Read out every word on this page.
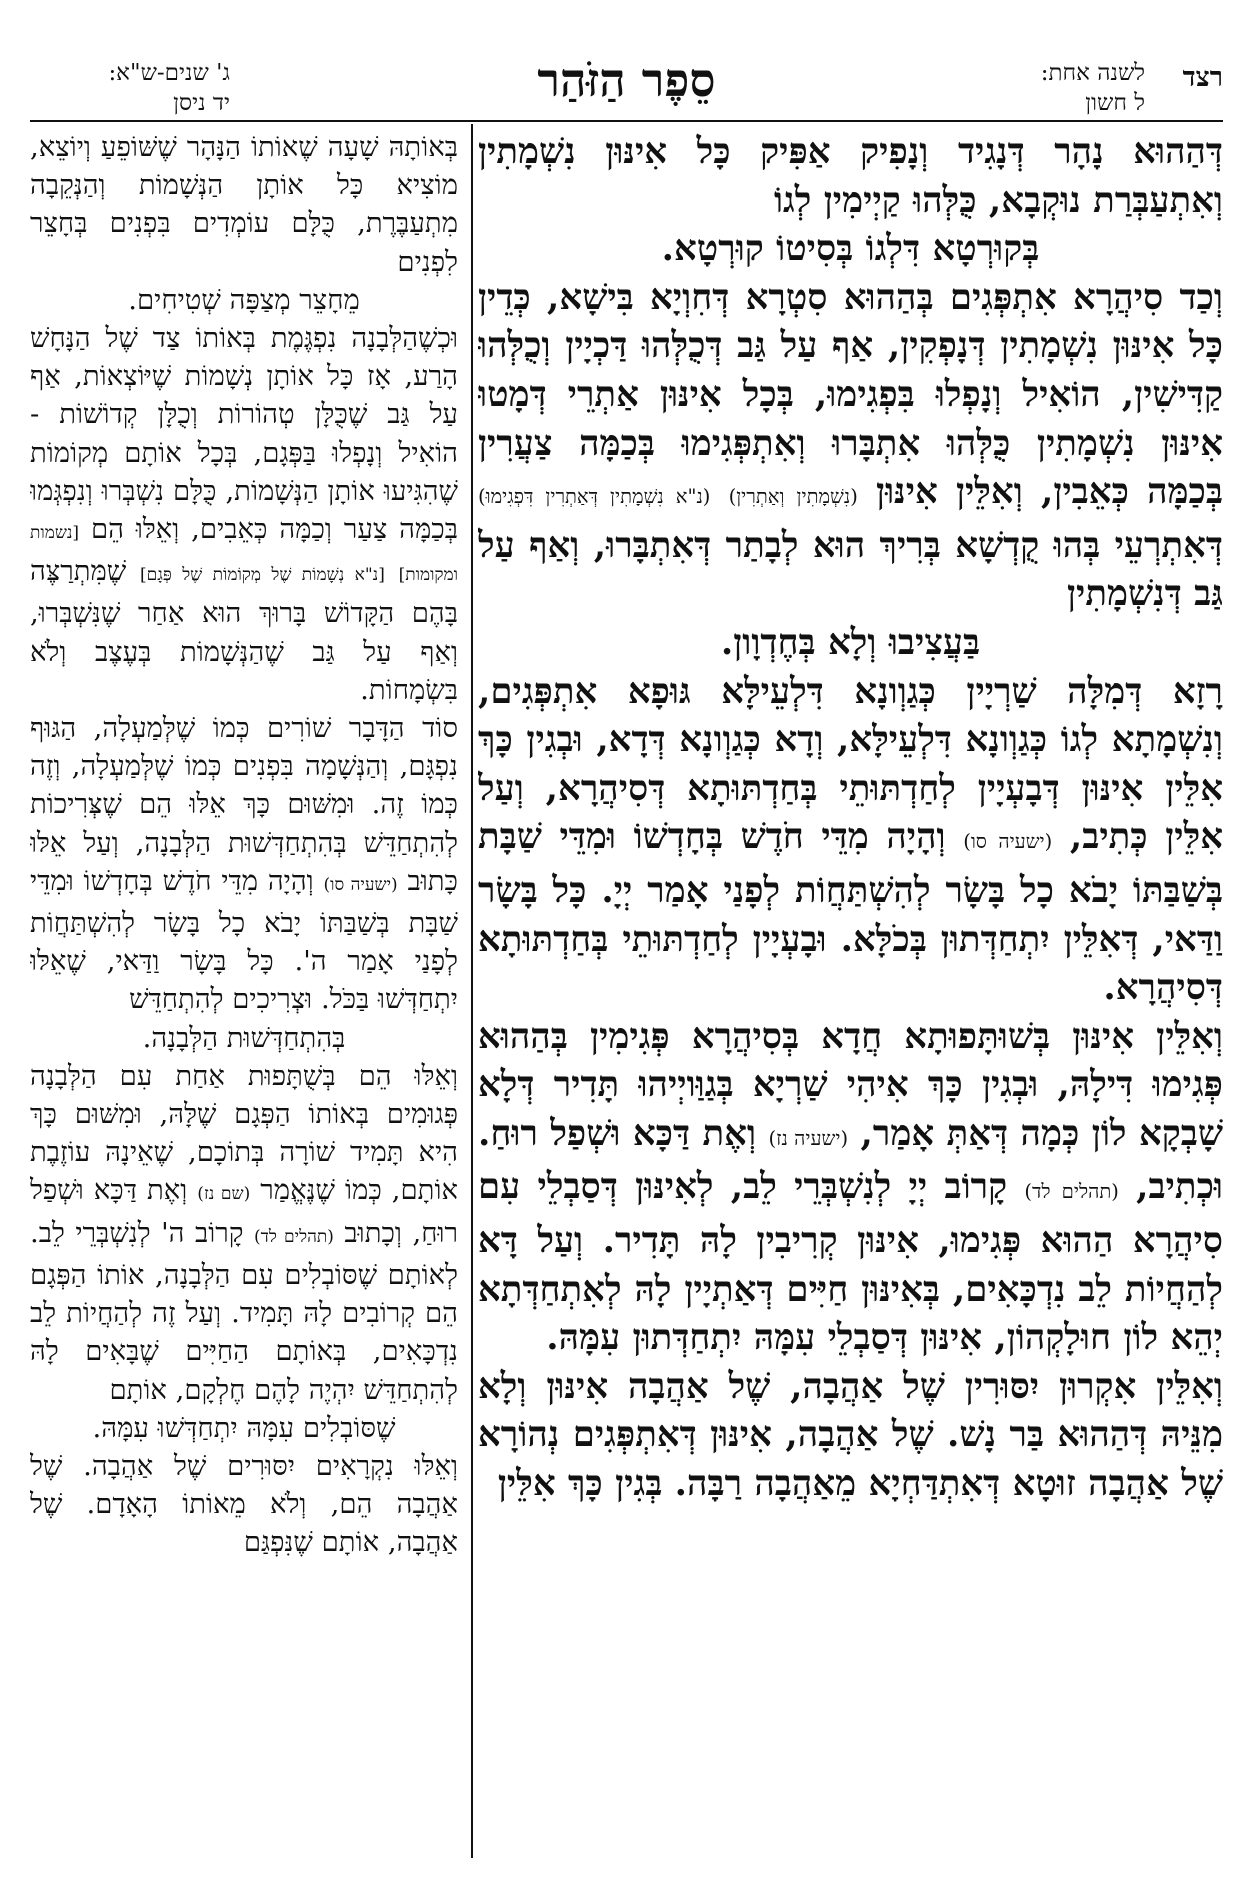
רצד
לשנה אחת:
ל חשון
סֵפֶר הַזֹּהַר
ג' שנים-ש"א:
יד ניסן

דְּהַהוּא נָהָר דְּנָגִיד וְנָפִיק אַפִּיק כָּל אִינּוּן נִשְׁמָתִין וְאִתְעַבְּרַת נוּקְבָא, כֻּלְּהוּ קַיְימִין לְגוֹ

בְּקוּרְטָא דִּלְגוֹ בְּסִיטוֹ קוּרְטָא.

וְכַד סִיהֲרָא אִתְפְּגִים בְּהַהוּא סִטְרָא דְּחִוְיָא בִּישָׁא, כְּדֵין כָּל אִינּוּן נִשְׁמָתִין דְּנָפְקִין, אַף עַל גַּב דְּכֻלְּהוּ דַּכְיָין וְכֻלְּהוּ קַדִּישִׁין, הוֹאִיל וְנָפְלוּ בִּפְגִימוּ, בְּכָל אִינּוּן אַתְרֵי דְּמָטוּ אִינּוּן נִשְׁמָתִין כֻּלְּהוּ אִתְבָּרוּ וְאִתְפְּגִימוּ בְּכַמָּה צַעֲרִין בְּכַמָּה כְּאֵבִין, וְאִלֵּין אִינּוּן (נִשְׁמָתִין וְאַתְרִין) (נ"א נִשְׁמָתִין דְּאַתְרִין דִּפְגִימוּ) דְּאִתְרְעֵי בְּהוּ קֻדְשָׁא בְּרִיךְ הוּא לְבָתַר דְּאִתְבָּרוּ, וְאַף עַל גַּב דְּנִשְׁמָתִין

בַּעֲצִיבוּ וְלָא בְּחֶדְוָון.

רָזָא דְּמִלָּה שַׁרְיָין כְּגַוְונָא דִּלְעֵילָּא גּוּפָא אִתְפְּגִים, וְנִשְׁמָתָא לְגוֹ כְּגַוְונָא דִּלְעֵילָּא, וְדָא כְּגַוְונָא דְּדָא, וּבְגִין כָּךְ אִלֵּין אִינּוּן דְּבָעְיָין לְחַדְתּוּתֵי בְּחַדְתּוּתָא דְּסִיהֲרָא, וְעַל אִלֵּין כְּתִיב, (ישעיה סו) וְהָיָה מִדֵּי חֹדֶשׁ בְּחָדְשׁוֹ וּמִדֵּי שַׁבָּת בְּשַׁבַּתּוֹ יָבֹא כָל בָּשָׂר לְהִשְׁתַּחֲוֹת לְפָנַי אָמַר יְיָ. כָּל בָּשָׂר וַדַּאי, דְּאִלֵּין יִתְחַדְּתוּן בְּכֹלָּא. וּבָעְיָין לְחַדְתּוּתֵי בְּחַדְתּוּתָא דְּסִיהֲרָא.

וְאִלֵּין אִינּוּן בְּשׁוּתָּפוּתָא חֲדָא בְּסִיהֲרָא פְּגִימִין בְּהַהוּא פְּגִימוּ דִּילָהּ, וּבְגִין כָּךְ אִיהִי שַׁרְיָא בְּגַוַּויְיהוּ תָּדִיר דְּלָא שָׁבְקָא לוֹן כְּמָה דְּאַתְּ אָמַר, (ישעיה נז) וְאֶת דַּכָּא וּשְׁפַל רוּחַ. וּכְתִיב, (תהלים לד) קָרוֹב יְיָ לְנִשְׁבְּרֵי לֵב, לְאִינּוּן דְּסַבְלֵי עִם סִיהֲרָא הַהוּא פְּגִימוּ, אִינּוּן קְרִיבִין לָהּ תָּדִיר. וְעַל דָּא לְהַחֲיוֹת לֵב נִדְכָּאִים, בְּאִינּוּן חַיִּים דְּאַתְיָין לָהּ לְאִתְחַדְּתָא יְהֵא לוֹן חוּלָקְהוֹן, אִינּוּן דְּסַבְלֵי עִמָּהּ יִתְחַדְּתוּן עִמָּהּ.

וְאִלֵּין אִקְרוּן יִסּוּרִין שֶׁל אַהֲבָה, שֶׁל אַהֲבָה אִינּוּן וְלָא מִנֵּיהּ דְּהַהוּא בַּר נָשׁ. שֶׁל אַהֲבָה, אִינּוּן דְּאִתְפְּגִים נְהוֹרָא שֶׁל אַהֲבָה זוּטָא דְּאִתְדַּחְיָא מֵאַהֲבָה רַבָּה. בְּגִין כָּךְ אִלֵּין

בְּאוֹתָהּ שָׁעָה שֶׁאוֹתוֹ הַנָּהָר שֶׁשּׁוֹפֵעַ וְיוֹצֵא, מוֹצִיא כָּל אוֹתָן הַנְּשָׁמוֹת וְהַנְּקֵבָה מִתְעַבֶּרֶת, כֻּלָּם עוֹמְדִים בִּפְנִים בְּחָצֵר לִפְנִים

מֵחָצֵר מְצַפָּה שְׁטִיחִים.

וּכְשֶׁהַלְּבָנָה נִפְגֶּמֶת בְּאוֹתוֹ צַד שֶׁל הַנָּחָשׁ הָרַע, אָז כָּל אוֹתָן נְשָׁמוֹת שֶׁיּוֹצְאוֹת, אַף עַל גַּב שֶׁכֻּלָּן טְהוֹרוֹת וְכֻלָּן קְדוֹשׁוֹת - הוֹאִיל וְנָפְלוּ בַּפְּגָם, בְּכָל אוֹתָם מְקוֹמוֹת שֶׁהִגִּיעוּ אוֹתָן הַנְּשָׁמוֹת, כֻּלָּם נִשְׁבְּרוּ וְנִפְגְּמוּ בְּכַמָּה צַעַר וְכַמָּה כְּאֵבִים, וְאֵלּוּ הֵם [נשמות ומקומות] [נ"א נְשָׁמוֹת שֶׁל מְקוֹמוֹת שֶׁל פְּגָם] שֶׁמִּתְרַצֶּה בָּהֶם הַקָּדוֹשׁ בָּרוּךְ הוּא אַחַר שֶׁנִּשְׁבְּרוּ, וְאַף עַל גַּב שֶׁהַנְּשָׁמוֹת בְּעֶצֶב וְלֹא בִּשְׂמָחוֹת.

סוֹד הַדָּבָר שׁוֹרִים כְּמוֹ שֶׁלְּמַעְלָה, הַגּוּף נִפְגָּם, וְהַנְּשָׁמָה בִּפְנִים כְּמוֹ שֶׁלְּמַעְלָה, וְזֶה כְּמוֹ זֶה. וּמִשּׁוּם כָּךְ אֵלּוּ הֵם שֶׁצְּרִיכוֹת לְהִתְחַדֵּשׁ בְּהִתְחַדְּשׁוּת הַלְּבָנָה, וְעַל אֵלּוּ כָּתוּב (ישעיה סו) וְהָיָה מִדֵּי חֹדֶשׁ בְּחָדְשׁוֹ וּמִדֵּי שַׁבָּת בְּשַׁבַּתּוֹ יָבֹא כָל בָּשָׂר לְהִשְׁתַּחֲוֹת לְפָנַי אָמַר ה'. כָּל בָּשָׂר וַדַּאי, שֶׁאֵלּוּ יִתְחַדְּשׁוּ בַּכֹּל. וּצְרִיכִים לְהִתְחַדֵּשׁ

בְּהִתְחַדְּשׁוּת הַלְּבָנָה.

וְאֵלּוּ הֵם בְּשֻׁתָּפוּת אַחַת עִם הַלְּבָנָה פְּגוּמִים בְּאוֹתוֹ הַפְּגָם שֶׁלָּהּ, וּמִשּׁוּם כָּךְ הִיא תָּמִיד שׁוֹרָה בְּתוֹכָם, שֶׁאֵינָהּ עוֹזֶבֶת אוֹתָם, כְּמוֹ שֶׁנֶּאֱמַר (שם נז) וְאֶת דַּכָּא וּשְׁפַל רוּחַ, וְכָתוּב (תהלים לד) קָרוֹב ה' לְנִשְׁבְּרֵי לֵב. לְאוֹתָם שֶׁסּוֹבְלִים עִם הַלְּבָנָה, אוֹתוֹ הַפְּגָם הֵם קְרוֹבִים לָהּ תָּמִיד. וְעַל זֶה לְהַחֲיוֹת לֵב נִדְכָּאִים, בְּאוֹתָם הַחַיִּים שֶׁבָּאִים לָהּ לְהִתְחַדֵּשׁ יִהְיֶה לָהֶם חֶלְקָם, אוֹתָם

שֶׁסּוֹבְלִים עִמָּהּ יִתְחַדְּשׁוּ עִמָּהּ.

וְאֵלּוּ נִקְרָאִים יִסּוּרִים שֶׁל אַהֲבָה. שֶׁל אַהֲבָה הֵם, וְלֹא מֵאוֹתוֹ הָאָדָם. שֶׁל אַהֲבָה, אוֹתָם שֶׁנִּפְגַּם
